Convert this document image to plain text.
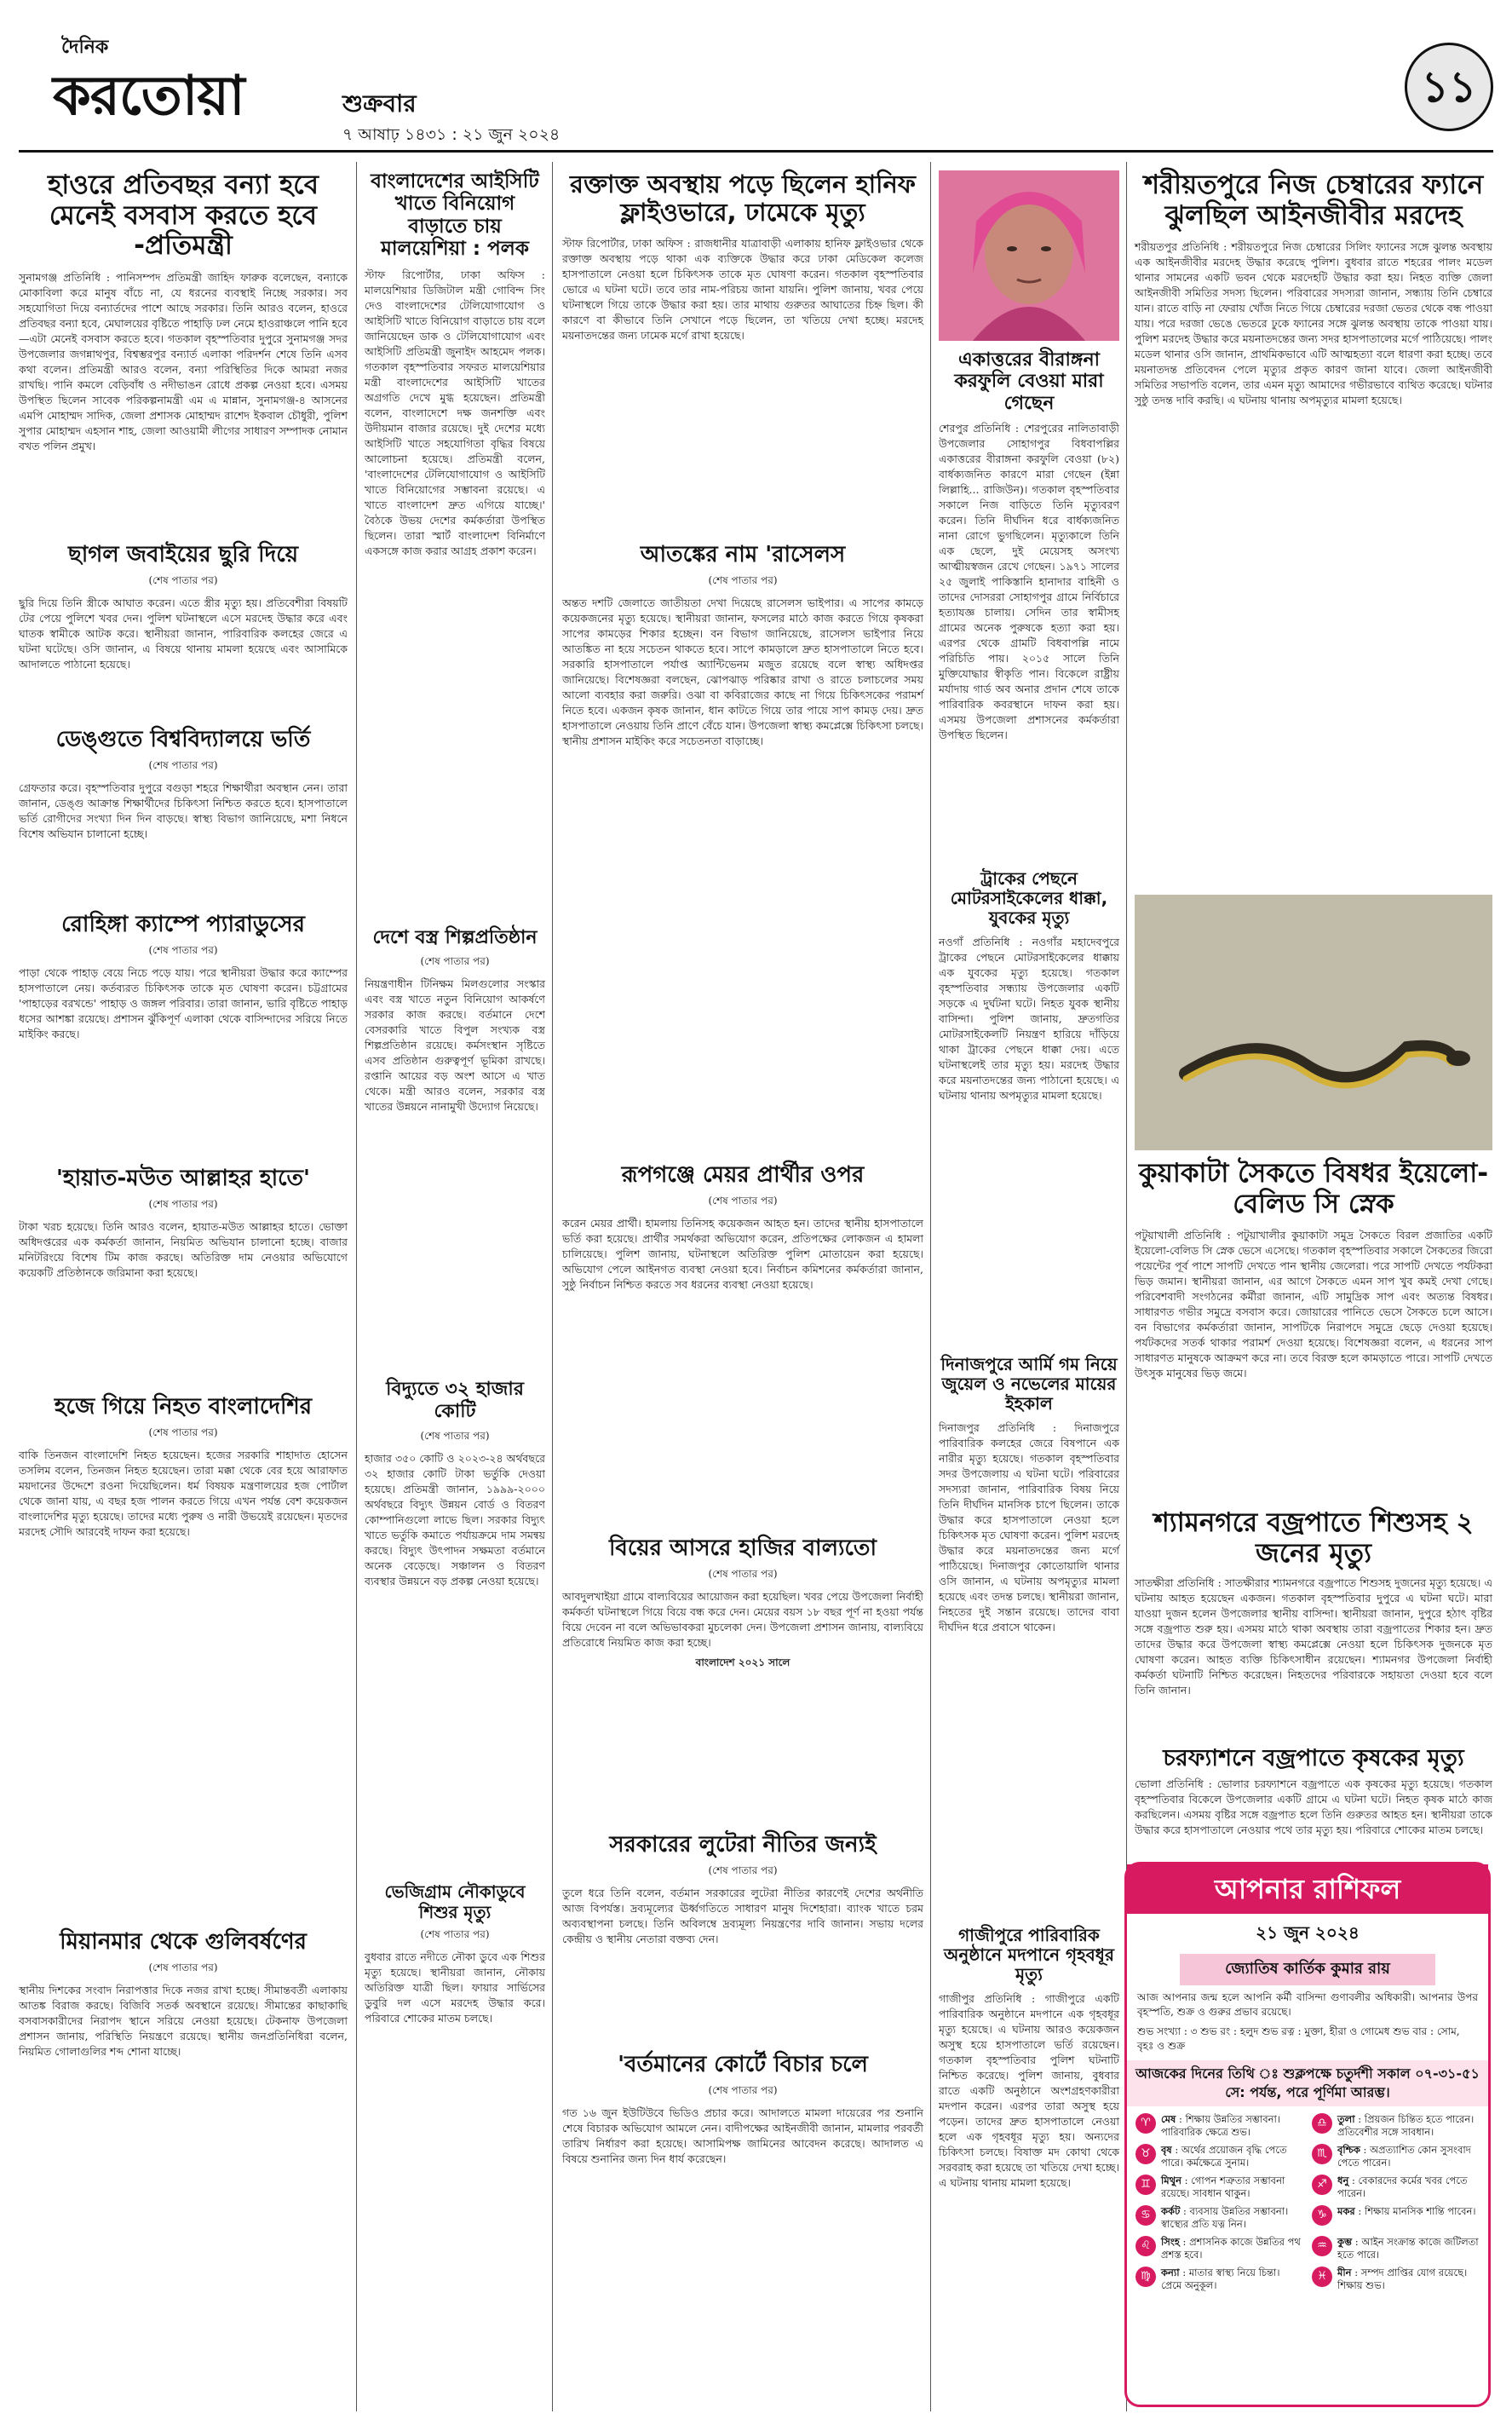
দৈনিক
করতোয়া	শুক্রবার
৭ আষাঢ় ১৪৩১ : ২১ জুন ২০২৪
১১
হাওরে প্রতিবছর বন্যা হবে মেনেই বসবাস করতে হবে -প্রতিমন্ত্রী
সুনামগঞ্জ প্রতিনিধি : পানিসম্পদ প্রতিমন্ত্রী জাহিদ ফারুক বলেছেন, বন্যাকে মোকাবিলা করে মানুষ বাঁচে না, যে ধরনের ব্যবস্থাই নিচ্ছে সরকার। সব সহযোগিতা দিয়ে বন্যার্তদের পাশে আছে সরকার। তিনি আরও বলেন, হাওরে প্রতিবছর বন্যা হবে, মেঘালয়ের বৃষ্টিতে পাহাড়ি ঢল নেমে হাওরাঞ্চলে পানি হবে—এটা মেনেই বসবাস করতে হবে। গতকাল বৃহস্পতিবার দুপুরে সুনামগঞ্জ সদর উপজেলার জগন্নাথপুর, বিশ্বম্ভরপুর বন্যার্ত এলাকা পরিদর্শন শেষে তিনি এসব কথা বলেন। প্রতিমন্ত্রী আরও বলেন, বন্যা পরিস্থিতির দিকে আমরা নজর রাখছি। পানি কমলে বেড়িবাঁধ ও নদীভাঙন রোধে প্রকল্প নেওয়া হবে। এসময় উপস্থিত ছিলেন সাবেক পরিকল্পনামন্ত্রী এম এ মান্নান, সুনামগঞ্জ-৪ আসনের এমপি মোহাম্মদ সাদিক, জেলা প্রশাসক মোহাম্মদ রাশেদ ইকবাল চৌধুরী, পুলিশ সুপার মোহাম্মদ এহসান শাহ, জেলা আওয়ামী লীগের সাধারণ সম্পাদক নোমান বখত পলিন প্রমুখ।
ছাগল জবাইয়ের ছুরি দিয়ে
(শেষ পাতার পর)
ছুরি দিয়ে তিনি স্ত্রীকে আঘাত করেন। এতে স্ত্রীর মৃত্যু হয়। প্রতিবেশীরা বিষয়টি টের পেয়ে পুলিশে খবর দেন। পুলিশ ঘটনাস্থলে এসে মরদেহ উদ্ধার করে এবং ঘাতক স্বামীকে আটক করে। স্থানীয়রা জানান, পারিবারিক কলহের জেরে এ ঘটনা ঘটেছে। ওসি জানান, এ বিষয়ে থানায় মামলা হয়েছে এবং আসামিকে আদালতে পাঠানো হয়েছে।
ডেঙ্গুতে বিশ্ববিদ্যালয়ে ভর্তি
(শেষ পাতার পর)
গ্রেফতার করে। বৃহস্পতিবার দুপুরে বগুড়া শহরে শিক্ষার্থীরা অবস্থান নেন। তারা জানান, ডেঙ্গু আক্রান্ত শিক্ষার্থীদের চিকিৎসা নিশ্চিত করতে হবে। হাসপাতালে ভর্তি রোগীদের সংখ্যা দিন দিন বাড়ছে। স্বাস্থ্য বিভাগ জানিয়েছে, মশা নিধনে বিশেষ অভিযান চালানো হচ্ছে।
রোহিঙ্গা ক্যাম্পে প্যারাডুসের
(শেষ পাতার পর)
পাড়া থেকে পাহাড় বেয়ে নিচে পড়ে যায়। পরে স্থানীয়রা উদ্ধার করে ক্যাম্পের হাসপাতালে নেয়। কর্তব্যরত চিকিৎসক তাকে মৃত ঘোষণা করেন। চট্টগ্রামের 'পাহাড়ের বরখন্ডে' পাহাড় ও জঙ্গল পরিবার। তারা জানান, ভারি বৃষ্টিতে পাহাড় ধসের আশঙ্কা রয়েছে। প্রশাসন ঝুঁকিপূর্ণ এলাকা থেকে বাসিন্দাদের সরিয়ে নিতে মাইকিং করছে।
'হায়াত-মউত আল্লাহর হাতে'
(শেষ পাতার পর)
টাকা খরচ হয়েছে। তিনি আরও বলেন, হায়াত-মউত আল্লাহর হাতে। ভোক্তা অধিদপ্তরের এক কর্মকর্তা জানান, নিয়মিত অভিযান চালানো হচ্ছে। বাজার মনিটরিংয়ে বিশেষ টিম কাজ করছে। অতিরিক্ত দাম নেওয়ার অভিযোগে কয়েকটি প্রতিষ্ঠানকে জরিমানা করা হয়েছে।
হজে গিয়ে নিহত বাংলাদেশির
(শেষ পাতার পর)
বাকি তিনজন বাংলাদেশি নিহত হয়েছেন। হজের সরকারি শাহাদাত হোসেন তসলিম বলেন, তিনজন নিহত হয়েছেন। তারা মক্কা থেকে বের হয়ে আরাফাত ময়দানের উদ্দেশে রওনা দিয়েছিলেন। ধর্ম বিষয়ক মন্ত্রণালয়ের হজ পোর্টাল থেকে জানা যায়, এ বছর হজ পালন করতে গিয়ে এখন পর্যন্ত বেশ কয়েকজন বাংলাদেশির মৃত্যু হয়েছে। তাদের মধ্যে পুরুষ ও নারী উভয়েই রয়েছেন। মৃতদের মরদেহ সৌদি আরবেই দাফন করা হয়েছে।
মিয়ানমার থেকে গুলিবর্ষণের
(শেষ পাতার পর)
স্থানীয় দিশকের সংবাদ নিরাপত্তার দিকে নজর রাখা হচ্ছে। সীমান্তবর্তী এলাকায় আতঙ্ক বিরাজ করছে। বিজিবি সতর্ক অবস্থানে রয়েছে। সীমান্তের কাছাকাছি বসবাসকারীদের নিরাপদ স্থানে সরিয়ে নেওয়া হয়েছে। টেকনাফ উপজেলা প্রশাসন জানায়, পরিস্থিতি নিয়ন্ত্রণে রয়েছে। স্থানীয় জনপ্রতিনিধিরা বলেন, নিয়মিত গোলাগুলির শব্দ শোনা যাচ্ছে।
বাংলাদেশের আইসিটি খাতে বিনিয়োগ বাড়াতে চায় মালয়েশিয়া : পলক
স্টাফ রিপোর্টার, ঢাকা অফিস : মালয়েশিয়ার ডিজিটাল মন্ত্রী গোবিন্দ সিং দেও বাংলাদেশের টেলিযোগাযোগ ও আইসিটি খাতে বিনিয়োগ বাড়াতে চায় বলে জানিয়েছেন ডাক ও টেলিযোগাযোগ এবং আইসিটি প্রতিমন্ত্রী জুনাইদ আহমেদ পলক। গতকাল বৃহস্পতিবার সফরত মালয়েশিয়ার মন্ত্রী বাংলাদেশের আইসিটি খাতের অগ্রগতি দেখে মুগ্ধ হয়েছেন। প্রতিমন্ত্রী বলেন, বাংলাদেশে দক্ষ জনশক্তি এবং উদীয়মান বাজার রয়েছে। দুই দেশের মধ্যে আইসিটি খাতে সহযোগিতা বৃদ্ধির বিষয়ে আলোচনা হয়েছে। প্রতিমন্ত্রী বলেন, 'বাংলাদেশের টেলিযোগাযোগ ও আইসিটি খাতে বিনিয়োগের সম্ভাবনা রয়েছে। এ খাতে বাংলাদেশ দ্রুত এগিয়ে যাচ্ছে।' বৈঠকে উভয় দেশের কর্মকর্তারা উপস্থিত ছিলেন। তারা স্মার্ট বাংলাদেশ বিনির্মাণে একসঙ্গে কাজ করার আগ্রহ প্রকাশ করেন।
দেশে বস্ত্র শিল্পপ্রতিষ্ঠান
(শেষ পাতার পর)
নিয়ন্ত্রণাধীন টিনিক্ষম মিলগুলোর সংস্কার এবং বস্ত্র খাতে নতুন বিনিয়োগ আকর্ষণে সরকার কাজ করছে। বর্তমানে দেশে বেসরকারি খাতে বিপুল সংখ্যক বস্ত্র শিল্পপ্রতিষ্ঠান রয়েছে। কর্মসংস্থান সৃষ্টিতে এসব প্রতিষ্ঠান গুরুত্বপূর্ণ ভূমিকা রাখছে। রপ্তানি আয়ের বড় অংশ আসে এ খাত থেকে। মন্ত্রী আরও বলেন, সরকার বস্ত্র খাতের উন্নয়নে নানামুখী উদ্যোগ নিয়েছে।
বিদ্যুতে ৩২ হাজার কোটি
(শেষ পাতার পর)
হাজার ৩৫০ কোটি ও ২০২৩-২৪ অর্থবছরে ৩২ হাজার কোটি টাকা ভর্তুকি দেওয়া হয়েছে। প্রতিমন্ত্রী জানান, ১৯৯৯-২০০০ অর্থবছরে বিদ্যুৎ উন্নয়ন বোর্ড ও বিতরণ কোম্পানিগুলো লাভে ছিল। সরকার বিদ্যুৎ খাতে ভর্তুকি কমাতে পর্যায়ক্রমে দাম সমন্বয় করছে। বিদ্যুৎ উৎপাদন সক্ষমতা বর্তমানে অনেক বেড়েছে। সঞ্চালন ও বিতরণ ব্যবস্থার উন্নয়নে বড় প্রকল্প নেওয়া হয়েছে।
ভেজিগ্রাম নৌকাডুবে শিশুর মৃত্যু
(শেষ পাতার পর)
বুধবার রাতে নদীতে নৌকা ডুবে এক শিশুর মৃত্যু হয়েছে। স্থানীয়রা জানান, নৌকায় অতিরিক্ত যাত্রী ছিল। ফায়ার সার্ভিসের ডুবুরি দল এসে মরদেহ উদ্ধার করে। পরিবারে শোকের মাতম চলছে।
রক্তাক্ত অবস্থায় পড়ে ছিলেন হানিফ ফ্লাইওভারে, ঢামেকে মৃত্যু
স্টাফ রিপোর্টার, ঢাকা অফিস : রাজধানীর যাত্রাবাড়ী এলাকায় হানিফ ফ্লাইওভার থেকে রক্তাক্ত অবস্থায় পড়ে থাকা এক ব্যক্তিকে উদ্ধার করে ঢাকা মেডিকেল কলেজ হাসপাতালে নেওয়া হলে চিকিৎসক তাকে মৃত ঘোষণা করেন। গতকাল বৃহস্পতিবার ভোরে এ ঘটনা ঘটে। তবে তার নাম-পরিচয় জানা যায়নি। পুলিশ জানায়, খবর পেয়ে ঘটনাস্থলে গিয়ে তাকে উদ্ধার করা হয়। তার মাথায় গুরুতর আঘাতের চিহ্ন ছিল। কী কারণে বা কীভাবে তিনি সেখানে পড়ে ছিলেন, তা খতিয়ে দেখা হচ্ছে। মরদেহ ময়নাতদন্তের জন্য ঢামেক মর্গে রাখা হয়েছে।
আতঙ্কের নাম 'রাসেলস
(শেষ পাতার পর)
অন্তত দশটি জেলাতে জাতীয়তা দেখা দিয়েছে রাসেলস ভাইপার। এ সাপের কামড়ে কয়েকজনের মৃত্যু হয়েছে। স্থানীয়রা জানান, ফসলের মাঠে কাজ করতে গিয়ে কৃষকরা সাপের কামড়ের শিকার হচ্ছেন। বন বিভাগ জানিয়েছে, রাসেলস ভাইপার নিয়ে আতঙ্কিত না হয়ে সচেতন থাকতে হবে। সাপে কামড়ালে দ্রুত হাসপাতালে নিতে হবে। সরকারি হাসপাতালে পর্যাপ্ত অ্যান্টিভেনম মজুত রয়েছে বলে স্বাস্থ্য অধিদপ্তর জানিয়েছে। বিশেষজ্ঞরা বলছেন, ঝোপঝাড় পরিষ্কার রাখা ও রাতে চলাচলের সময় আলো ব্যবহার করা জরুরি। ওঝা বা কবিরাজের কাছে না গিয়ে চিকিৎসকের পরামর্শ নিতে হবে। একজন কৃষক জানান, ধান কাটতে গিয়ে তার পায়ে সাপ কামড় দেয়। দ্রুত হাসপাতালে নেওয়ায় তিনি প্রাণে বেঁচে যান। উপজেলা স্বাস্থ্য কমপ্লেক্সে চিকিৎসা চলছে। স্থানীয় প্রশাসন মাইকিং করে সচেতনতা বাড়াচ্ছে।
রূপগঞ্জে মেয়র প্রার্থীর ওপর
(শেষ পাতার পর)
করেন মেয়র প্রার্থী। হামলায় তিনিসহ কয়েকজন আহত হন। তাদের স্থানীয় হাসপাতালে ভর্তি করা হয়েছে। প্রার্থীর সমর্থকরা অভিযোগ করেন, প্রতিপক্ষের লোকজন এ হামলা চালিয়েছে। পুলিশ জানায়, ঘটনাস্থলে অতিরিক্ত পুলিশ মোতায়েন করা হয়েছে। অভিযোগ পেলে আইনগত ব্যবস্থা নেওয়া হবে। নির্বাচন কমিশনের কর্মকর্তারা জানান, সুষ্ঠু নির্বাচন নিশ্চিত করতে সব ধরনের ব্যবস্থা নেওয়া হয়েছে।
বিয়ের আসরে হাজির বাল্যতো
(শেষ পাতার পর)
আবদুলখাইয়া গ্রামে বাল্যবিয়ের আয়োজন করা হয়েছিল। খবর পেয়ে উপজেলা নির্বাহী কর্মকর্তা ঘটনাস্থলে গিয়ে বিয়ে বন্ধ করে দেন। মেয়ের বয়স ১৮ বছর পূর্ণ না হওয়া পর্যন্ত বিয়ে দেবেন না বলে অভিভাবকরা মুচলেকা দেন। উপজেলা প্রশাসন জানায়, বাল্যবিয়ে প্রতিরোধে নিয়মিত কাজ করা হচ্ছে।
বাংলাদেশ ২০২১ সালে
সরকারের লুটেরা নীতির জন্যই
(শেষ পাতার পর)
তুলে ধরে তিনি বলেন, বর্তমান সরকারের লুটেরা নীতির কারণেই দেশের অর্থনীতি আজ বিপর্যস্ত। দ্রব্যমূল্যের ঊর্ধ্বগতিতে সাধারণ মানুষ দিশেহারা। ব্যাংক খাতে চরম অব্যবস্থাপনা চলছে। তিনি অবিলম্বে দ্রব্যমূল্য নিয়ন্ত্রণের দাবি জানান। সভায় দলের কেন্দ্রীয় ও স্থানীয় নেতারা বক্তব্য দেন।
'বর্তমানের কোর্টে বিচার চলে
(শেষ পাতার পর)
গত ১৬ জুন ইউটিউবে ভিডিও প্রচার করে। আদালতে মামলা দায়েরের পর শুনানি শেষে বিচারক অভিযোগ আমলে নেন। বাদীপক্ষের আইনজীবী জানান, মামলার পরবর্তী তারিখ নির্ধারণ করা হয়েছে। আসামিপক্ষ জামিনের আবেদন করেছে। আদালত এ বিষয়ে শুনানির জন্য দিন ধার্য করেছেন।
একাত্তরের বীরাঙ্গনা করফুলি বেওয়া মারা গেছেন
শেরপুর প্রতিনিধি : শেরপুরের নালিতাবাড়ী উপজেলার সোহাগপুর বিধবাপল্লির একাত্তরের বীরাঙ্গনা করফুলি বেওয়া (৮২) বার্ধক্যজনিত কারণে মারা গেছেন (ইন্না লিল্লাহি... রাজিউন)। গতকাল বৃহস্পতিবার সকালে নিজ বাড়িতে তিনি মৃত্যুবরণ করেন। তিনি দীর্ঘদিন ধরে বার্ধক্যজনিত নানা রোগে ভুগছিলেন। মৃত্যুকালে তিনি এক ছেলে, দুই মেয়েসহ অসংখ্য আত্মীয়স্বজন রেখে গেছেন। ১৯৭১ সালের ২৫ জুলাই পাকিস্তানি হানাদার বাহিনী ও তাদের দোসররা সোহাগপুর গ্রামে নির্বিচারে হত্যাযজ্ঞ চালায়। সেদিন তার স্বামীসহ গ্রামের অনেক পুরুষকে হত্যা করা হয়। এরপর থেকে গ্রামটি বিধবাপল্লি নামে পরিচিতি পায়। ২০১৫ সালে তিনি মুক্তিযোদ্ধার স্বীকৃতি পান। বিকেলে রাষ্ট্রীয় মর্যাদায় গার্ড অব অনার প্রদান শেষে তাকে পারিবারিক কবরস্থানে দাফন করা হয়। এসময় উপজেলা প্রশাসনের কর্মকর্তারা উপস্থিত ছিলেন।
ট্রাকের পেছনে মোটরসাইকেলের ধাক্কা, যুবকের মৃত্যু
নওগাঁ প্রতিনিধি : নওগাঁর মহাদেবপুরে ট্রাকের পেছনে মোটরসাইকেলের ধাক্কায় এক যুবকের মৃত্যু হয়েছে। গতকাল বৃহস্পতিবার সন্ধ্যায় উপজেলার একটি সড়কে এ দুর্ঘটনা ঘটে। নিহত যুবক স্থানীয় বাসিন্দা। পুলিশ জানায়, দ্রুতগতির মোটরসাইকেলটি নিয়ন্ত্রণ হারিয়ে দাঁড়িয়ে থাকা ট্রাকের পেছনে ধাক্কা দেয়। এতে ঘটনাস্থলেই তার মৃত্যু হয়। মরদেহ উদ্ধার করে ময়নাতদন্তের জন্য পাঠানো হয়েছে। এ ঘটনায় থানায় অপমৃত্যুর মামলা হয়েছে।
দিনাজপুরে আর্মি গম নিয়ে জুয়েল ও নভেলের মায়ের ইহকাল
দিনাজপুর প্রতিনিধি : দিনাজপুরে পারিবারিক কলহের জেরে বিষপানে এক নারীর মৃত্যু হয়েছে। গতকাল বৃহস্পতিবার সদর উপজেলায় এ ঘটনা ঘটে। পরিবারের সদস্যরা জানান, পারিবারিক বিষয় নিয়ে তিনি দীর্ঘদিন মানসিক চাপে ছিলেন। তাকে উদ্ধার করে হাসপাতালে নেওয়া হলে চিকিৎসক মৃত ঘোষণা করেন। পুলিশ মরদেহ উদ্ধার করে ময়নাতদন্তের জন্য মর্গে পাঠিয়েছে। দিনাজপুর কোতোয়ালি থানার ওসি জানান, এ ঘটনায় অপমৃত্যুর মামলা হয়েছে এবং তদন্ত চলছে। স্থানীয়রা জানান, নিহতের দুই সন্তান রয়েছে। তাদের বাবা দীর্ঘদিন ধরে প্রবাসে থাকেন।
গাজীপুরে পারিবারিক অনুষ্ঠানে মদপানে গৃহবধূর মৃত্যু
গাজীপুর প্রতিনিধি : গাজীপুরে একটি পারিবারিক অনুষ্ঠানে মদপানে এক গৃহবধূর মৃত্যু হয়েছে। এ ঘটনায় আরও কয়েকজন অসুস্থ হয়ে হাসপাতালে ভর্তি রয়েছেন। গতকাল বৃহস্পতিবার পুলিশ ঘটনাটি নিশ্চিত করেছে। পুলিশ জানায়, বুধবার রাতে একটি অনুষ্ঠানে অংশগ্রহণকারীরা মদপান করেন। এরপর তারা অসুস্থ হয়ে পড়েন। তাদের দ্রুত হাসপাতালে নেওয়া হলে এক গৃহবধূর মৃত্যু হয়। অন্যদের চিকিৎসা চলছে। বিষাক্ত মদ কোথা থেকে সরবরাহ করা হয়েছে তা খতিয়ে দেখা হচ্ছে। এ ঘটনায় থানায় মামলা হয়েছে।
শরীয়তপুরে নিজ চেম্বারের ফ্যানে ঝুলছিল আইনজীবীর মরদেহ
শরীয়তপুর প্রতিনিধি : শরীয়তপুরে নিজ চেম্বারের সিলিং ফ্যানের সঙ্গে ঝুলন্ত অবস্থায় এক আইনজীবীর মরদেহ উদ্ধার করেছে পুলিশ। বুধবার রাতে শহরের পালং মডেল থানার সামনের একটি ভবন থেকে মরদেহটি উদ্ধার করা হয়। নিহত ব্যক্তি জেলা আইনজীবী সমিতির সদস্য ছিলেন। পরিবারের সদস্যরা জানান, সন্ধ্যায় তিনি চেম্বারে যান। রাতে বাড়ি না ফেরায় খোঁজ নিতে গিয়ে চেম্বারের দরজা ভেতর থেকে বন্ধ পাওয়া যায়। পরে দরজা ভেঙে ভেতরে ঢুকে ফ্যানের সঙ্গে ঝুলন্ত অবস্থায় তাকে পাওয়া যায়। পুলিশ মরদেহ উদ্ধার করে ময়নাতদন্তের জন্য সদর হাসপাতালের মর্গে পাঠিয়েছে। পালং মডেল থানার ওসি জানান, প্রাথমিকভাবে এটি আত্মহত্যা বলে ধারণা করা হচ্ছে। তবে ময়নাতদন্ত প্রতিবেদন পেলে মৃত্যুর প্রকৃত কারণ জানা যাবে। জেলা আইনজীবী সমিতির সভাপতি বলেন, তার এমন মৃত্যু আমাদের গভীরভাবে ব্যথিত করেছে। ঘটনার সুষ্ঠু তদন্ত দাবি করছি। এ ঘটনায় থানায় অপমৃত্যুর মামলা হয়েছে।
কুয়াকাটা সৈকতে বিষধর ইয়েলো-বেলিড সি স্নেক
পটুয়াখালী প্রতিনিধি : পটুয়াখালীর কুয়াকাটা সমুদ্র সৈকতে বিরল প্রজাতির একটি ইয়েলো-বেলিড সি স্নেক ভেসে এসেছে। গতকাল বৃহস্পতিবার সকালে সৈকতের জিরো পয়েন্টের পূর্ব পাশে সাপটি দেখতে পান স্থানীয় জেলেরা। পরে সাপটি দেখতে পর্যটকরা ভিড় জমান। স্থানীয়রা জানান, এর আগে সৈকতে এমন সাপ খুব কমই দেখা গেছে। পরিবেশবাদী সংগঠনের কর্মীরা জানান, এটি সামুদ্রিক সাপ এবং অত্যন্ত বিষধর। সাধারণত গভীর সমুদ্রে বসবাস করে। জোয়ারের পানিতে ভেসে সৈকতে চলে আসে। বন বিভাগের কর্মকর্তারা জানান, সাপটিকে নিরাপদে সমুদ্রে ছেড়ে দেওয়া হয়েছে। পর্যটকদের সতর্ক থাকার পরামর্শ দেওয়া হয়েছে। বিশেষজ্ঞরা বলেন, এ ধরনের সাপ সাধারণত মানুষকে আক্রমণ করে না। তবে বিরক্ত হলে কামড়াতে পারে। সাপটি দেখতে উৎসুক মানুষের ভিড় জমে।
শ্যামনগরে বজ্রপাতে শিশুসহ ২ জনের মৃত্যু
সাতক্ষীরা প্রতিনিধি : সাতক্ষীরার শ্যামনগরে বজ্রপাতে শিশুসহ দুজনের মৃত্যু হয়েছে। এ ঘটনায় আহত হয়েছেন একজন। গতকাল বৃহস্পতিবার দুপুরে এ ঘটনা ঘটে। মারা যাওয়া দুজন হলেন উপজেলার স্থানীয় বাসিন্দা। স্থানীয়রা জানান, দুপুরে হঠাৎ বৃষ্টির সঙ্গে বজ্রপাত শুরু হয়। এসময় মাঠে থাকা অবস্থায় তারা বজ্রপাতের শিকার হন। দ্রুত তাদের উদ্ধার করে উপজেলা স্বাস্থ্য কমপ্লেক্সে নেওয়া হলে চিকিৎসক দুজনকে মৃত ঘোষণা করেন। আহত ব্যক্তি চিকিৎসাধীন রয়েছেন। শ্যামনগর উপজেলা নির্বাহী কর্মকর্তা ঘটনাটি নিশ্চিত করেছেন। নিহতদের পরিবারকে সহায়তা দেওয়া হবে বলে তিনি জানান।
চরফ্যাশনে বজ্রপাতে কৃষকের মৃত্যু
ভোলা প্রতিনিধি : ভোলার চরফ্যাশনে বজ্রপাতে এক কৃষকের মৃত্যু হয়েছে। গতকাল বৃহস্পতিবার বিকেলে উপজেলার একটি গ্রামে এ ঘটনা ঘটে। নিহত কৃষক মাঠে কাজ করছিলেন। এসময় বৃষ্টির সঙ্গে বজ্রপাত হলে তিনি গুরুতর আহত হন। স্থানীয়রা তাকে উদ্ধার করে হাসপাতালে নেওয়ার পথে তার মৃত্যু হয়। পরিবারে শোকের মাতম চলছে।
আপনার রাশিফল
২১ জুন ২০২৪
জ্যোতিষ কার্তিক কুমার রায়
আজ আপনার জন্ম হলে আপনি কর্মী বাসিন্দা গুণাবলীর অধিকারী। আপনার উপর বৃহস্পতি, শুক্র ও গুরুর প্রভাব রয়েছে।
শুভ সংখ্যা : ৩ শুভ রং : হলুদ শুভ রত্ন : মুক্তা, হীরা ও গোমেধ শুভ বার : সোম, বৃহঃ ও শুক্র
আজকের দিনের তিথি ঃ শুক্লপক্ষে চতুর্দশী সকাল ০৭-৩১-৫১ সে: পর্যন্ত, পরে পূর্ণিমা আরম্ভ।
♈	মেষ : শিক্ষায় উন্নতির সম্ভাবনা। পারিবারিক ক্ষেত্রে শুভ।
♎	তুলা : প্রিয়জন চিন্তিত হতে পারেন। প্রতিবেশীর সঙ্গে সাবধান।
♉	বৃষ : অর্থের প্রয়োজন বৃদ্ধি পেতে পারে। কর্মক্ষেত্রে সুনাম।
♏	বৃশ্চিক : অপ্রত্যাশিত কোন সুসংবাদ পেতে পারেন।
♊	মিথুন : গোপন শত্রুতার সম্ভাবনা রয়েছে। সাবধান থাকুন।
♐	ধনু : বেকারদের কর্মের খবর পেতে পারেন।
♋	কর্কট : ব্যবসায় উন্নতির সম্ভাবনা। স্বাস্থ্যের প্রতি যত্ন নিন।
♑	মকর : শিক্ষায় মানসিক শান্তি পাবেন।
♌	সিংহ : প্রশাসনিক কাজে উন্নতির পথ প্রশস্ত হবে।
♒	কুম্ভ : আইন সংক্রান্ত কাজে জটিলতা হতে পারে।
♍	কন্যা : মাতার স্বাস্থ্য নিয়ে চিন্তা। প্রেমে অনুকূল।
♓	মীন : সম্পদ প্রাপ্তির যোগ রয়েছে। শিক্ষায় শুভ।
